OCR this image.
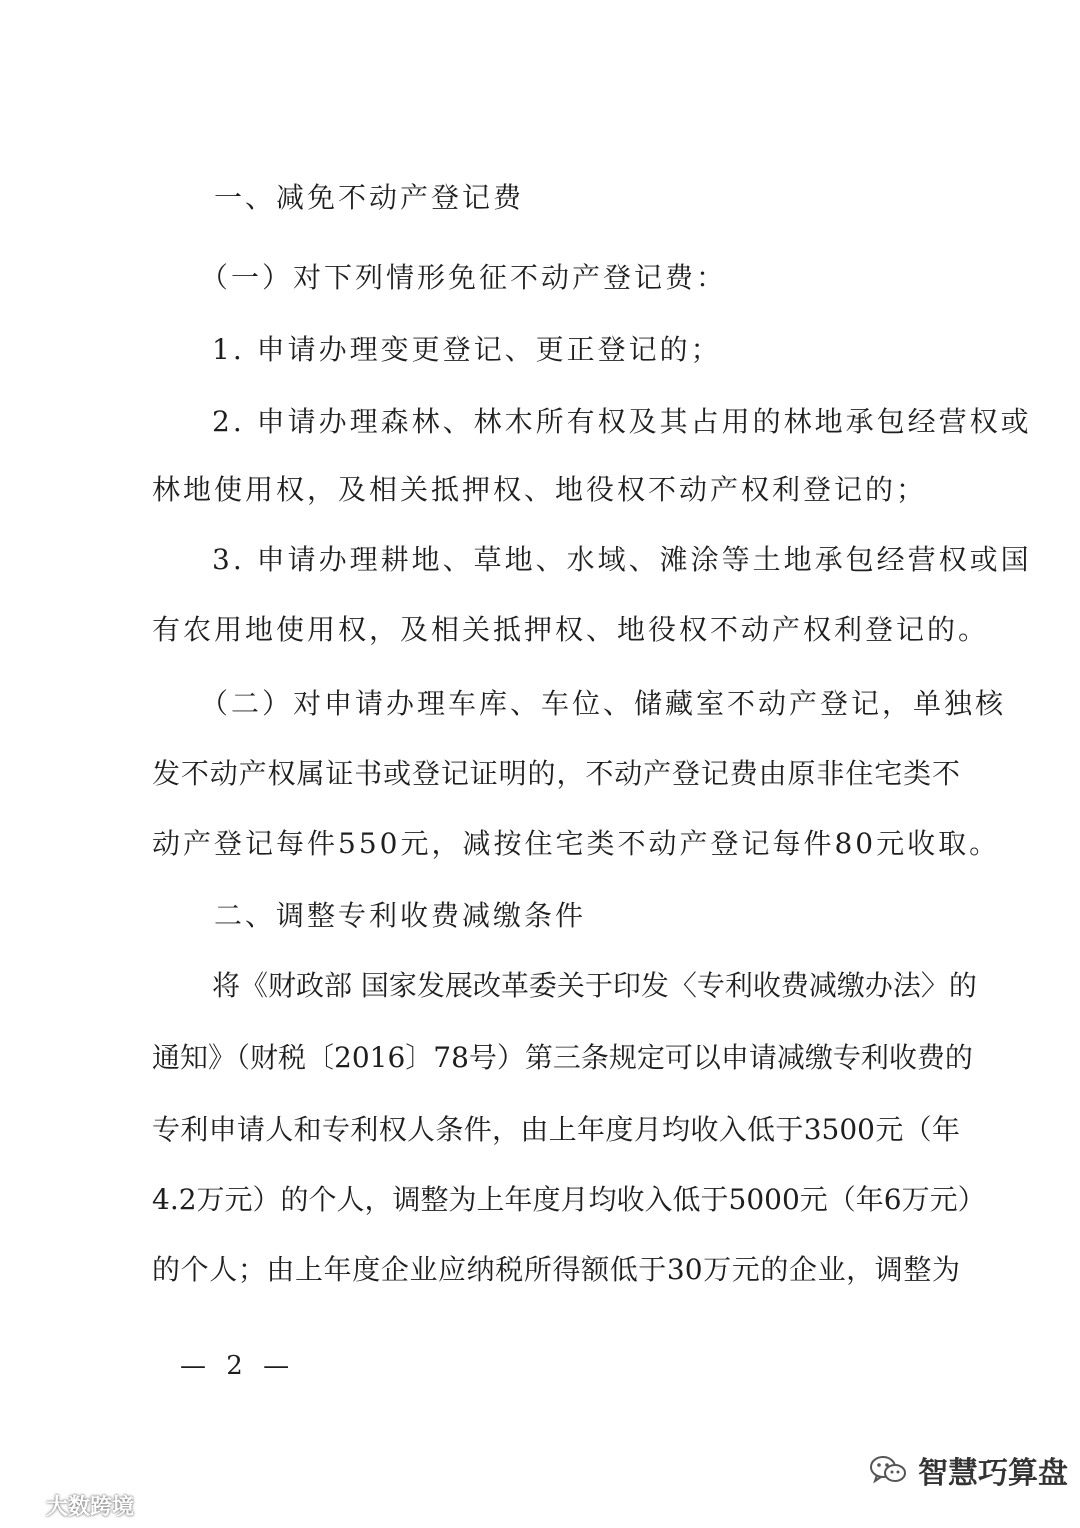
一、减免不动产登记费
（一）对下列情形免征不动产登记费：
1. 申请办理变更登记、更正登记的；
2. 申请办理森林、林木所有权及其占用的林地承包经营权或
林地使用权，及相关抵押权、地役权不动产权利登记的；
3. 申请办理耕地、草地、水域、滩涂等土地承包经营权或国
有农用地使用权，及相关抵押权、地役权不动产权利登记的。
（二）对申请办理车库、车位、储藏室不动产登记，单独核
发不动产权属证书或登记证明的，不动产登记费由原非住宅类不
动产登记每件550元，减按住宅类不动产登记每件80元收取。
二、调整专利收费减缴条件
将《财政部 国家发展改革委关于印发〈专利收费减缴办法〉的
通知》（财税〔2016〕78号）第三条规定可以申请减缴专利收费的
专利申请人和专利权人条件，由上年度月均收入低于3500元（年
4.2万元）的个人，调整为上年度月均收入低于5000元（年6万元）
的个人；由上年度企业应纳税所得额低于30万元的企业，调整为
— 2 —
大数跨境
智慧巧算盘
